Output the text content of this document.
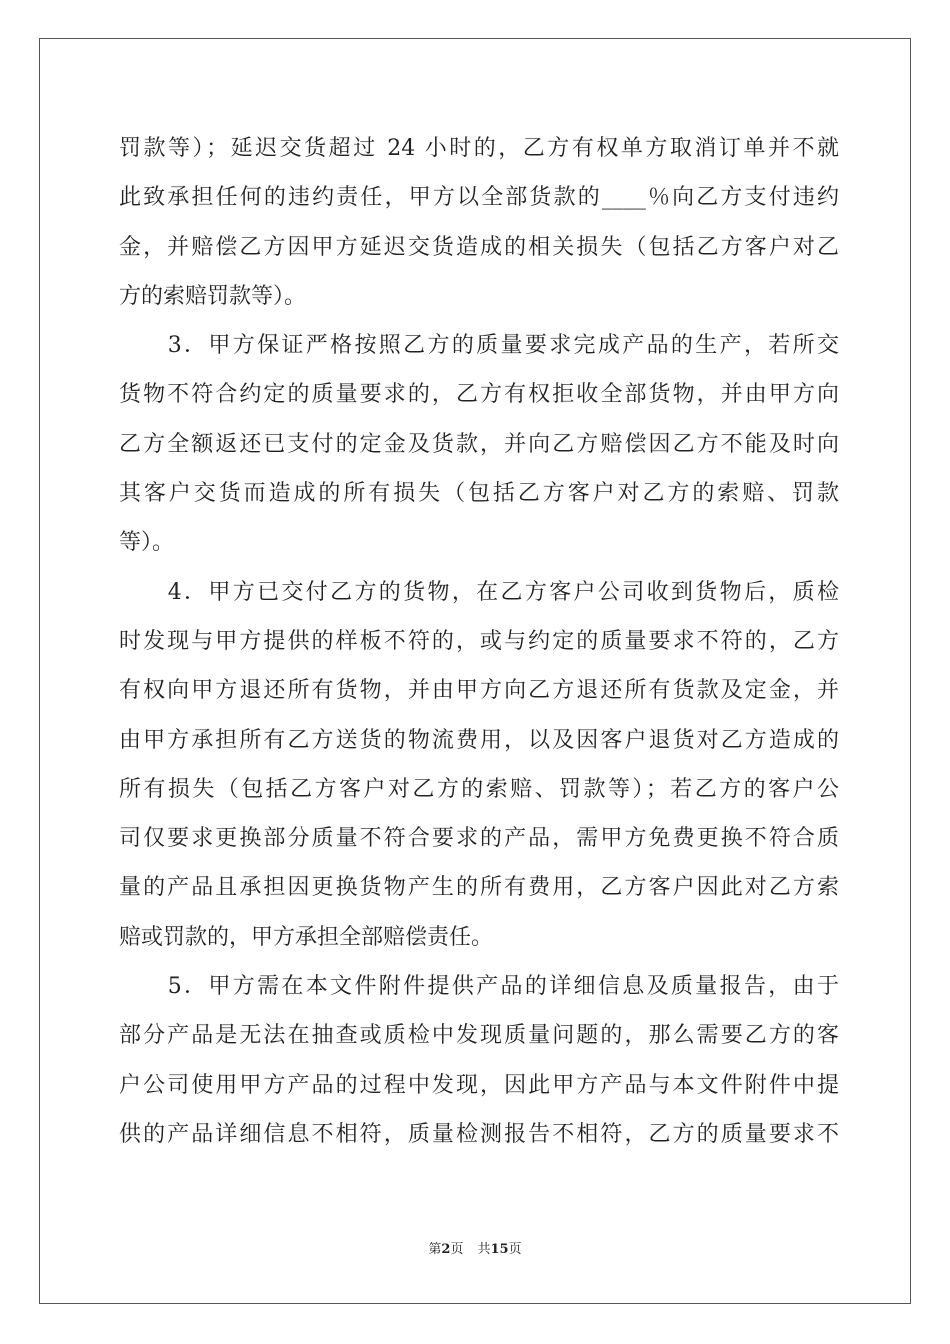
罚款等）；延迟交货超过 24 小时的，乙方有权单方取消订单并不就
此致承担任何的违约责任，甲方以全部货款的____％向乙方支付违约
金，并赔偿乙方因甲方延迟交货造成的相关损失（包括乙方客户对乙
方的索赔罚款等）。
　　3．甲方保证严格按照乙方的质量要求完成产品的生产，若所交
货物不符合约定的质量要求的，乙方有权拒收全部货物，并由甲方向
乙方全额返还已支付的定金及货款，并向乙方赔偿因乙方不能及时向
其客户交货而造成的所有损失（包括乙方客户对乙方的索赔、罚款
等）。
　　4．甲方已交付乙方的货物，在乙方客户公司收到货物后，质检
时发现与甲方提供的样板不符的，或与约定的质量要求不符的，乙方
有权向甲方退还所有货物，并由甲方向乙方退还所有货款及定金，并
由甲方承担所有乙方送货的物流费用，以及因客户退货对乙方造成的
所有损失（包括乙方客户对乙方的索赔、罚款等）；若乙方的客户公
司仅要求更换部分质量不符合要求的产品，需甲方免费更换不符合质
量的产品且承担因更换货物产生的所有费用，乙方客户因此对乙方索
赔或罚款的，甲方承担全部赔偿责任。
　　5．甲方需在本文件附件提供产品的详细信息及质量报告，由于
部分产品是无法在抽查或质检中发现质量问题的，那么需要乙方的客
户公司使用甲方产品的过程中发现，因此甲方产品与本文件附件中提
供的产品详细信息不相符，质量检测报告不相符，乙方的质量要求不
第2页 共15页
